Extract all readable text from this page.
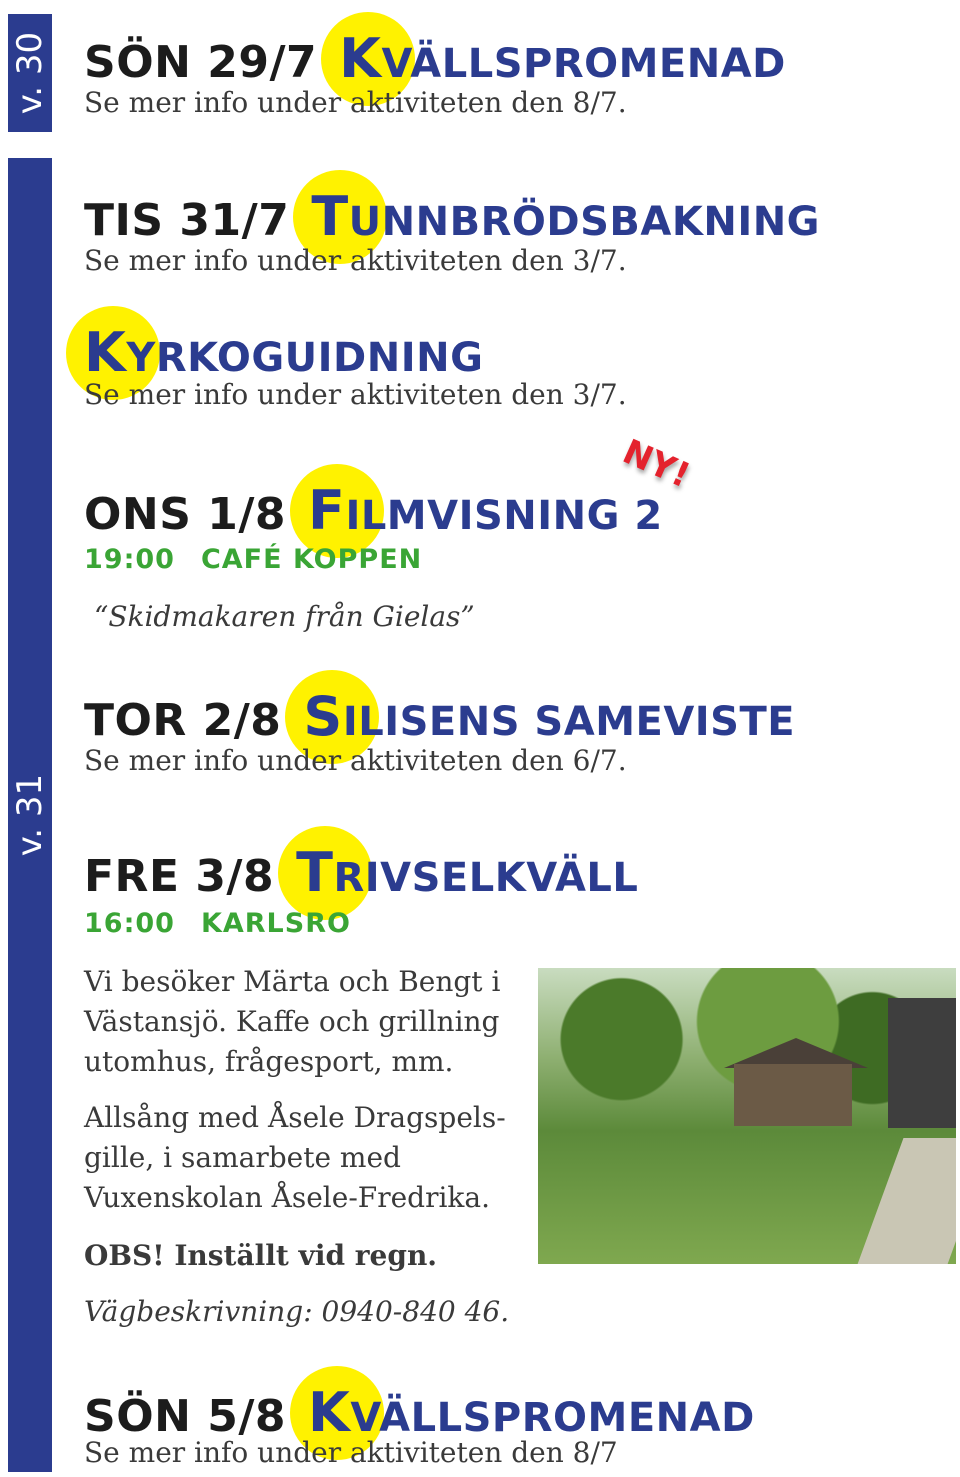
v. 30
v. 31
SÖN 29/7 KVÄLLSPROMENAD
Se mer info under aktiviteten den 8/7.
TIS 31/7 TUNNBRÖDSBAKNING
Se mer info under aktiviteten den 3/7.
KYRKOGUIDNING
Se mer info under aktiviteten den 3/7.
ONS 1/8 FILMVISNING 2
NY!
19:00 CAFÉ KOPPEN
“Skidmakaren från Gielas”
TOR 2/8 SILISENS SAMEVISTE
Se mer info under aktiviteten den 6/7.
FRE 3/8 TRIVSELKVÄLL
16:00 KARLSRO
Vi besöker Märta och Bengt i Västansjö. Kaffe och grillning utomhus, frågesport, mm.
Allsång med Åsele Dragspels-gille, i samarbete med Vuxenskolan Åsele-Fredrika.
OBS! Inställt vid regn.
Vägbeskrivning: 0940-840 46.
SÖN 5/8 KVÄLLSPROMENAD
Se mer info under aktiviteten den 8/7
